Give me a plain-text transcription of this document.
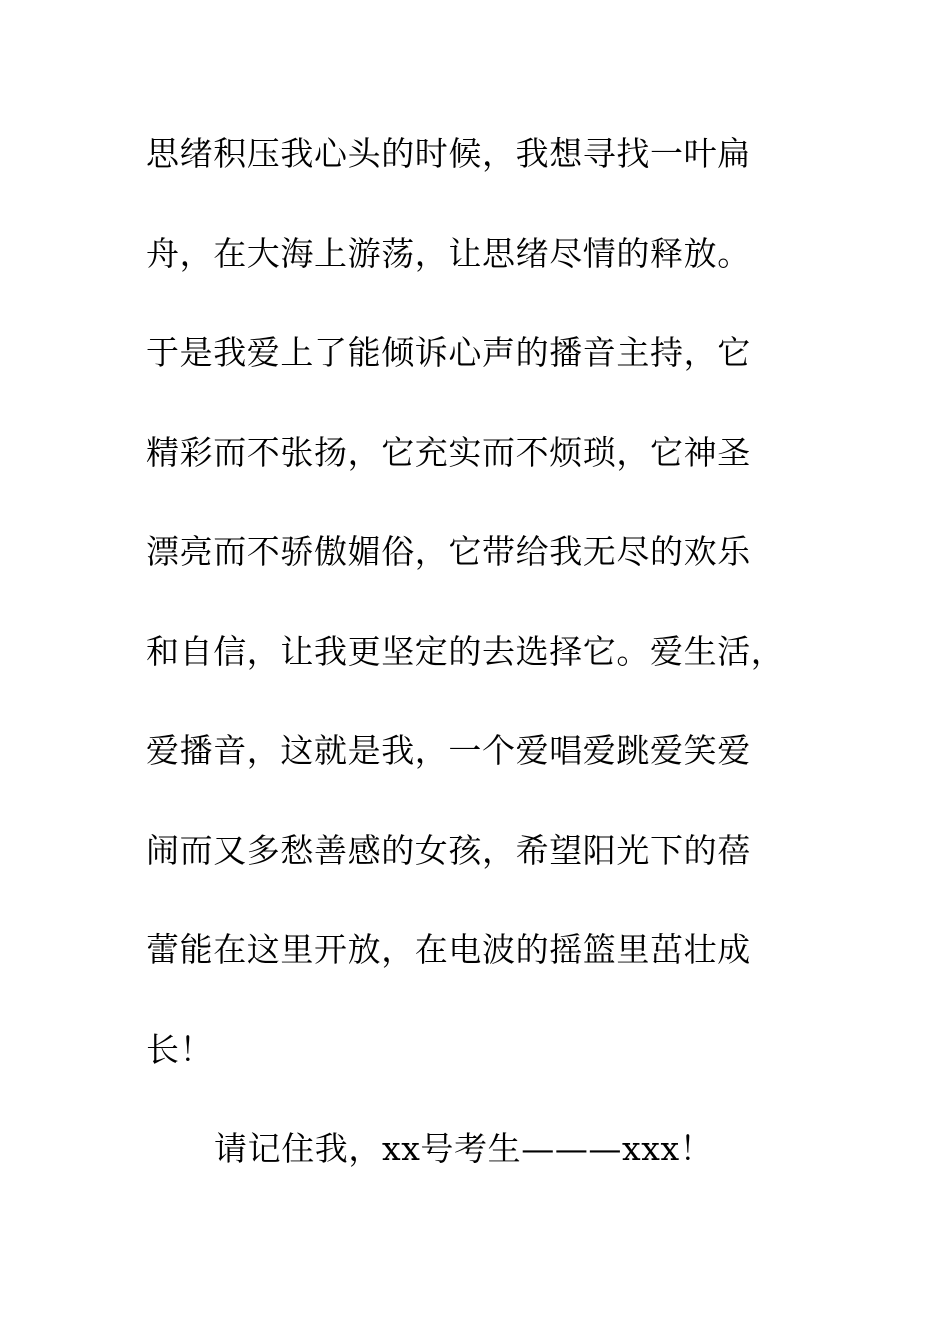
思绪积压我心头的时候，我想寻找一叶扁
舟，在大海上游荡，让思绪尽情的释放。
于是我爱上了能倾诉心声的播音主持，它
精彩而不张扬，它充实而不烦琐，它神圣
漂亮而不骄傲媚俗，它带给我无尽的欢乐
和自信，让我更坚定的去选择它。爱生活，
爱播音，这就是我，一个爱唱爱跳爱笑爱
闹而又多愁善感的女孩，希望阳光下的蓓
蕾能在这里开放，在电波的摇篮里茁壮成
长！

请记住我，xx号考生———xxx！
